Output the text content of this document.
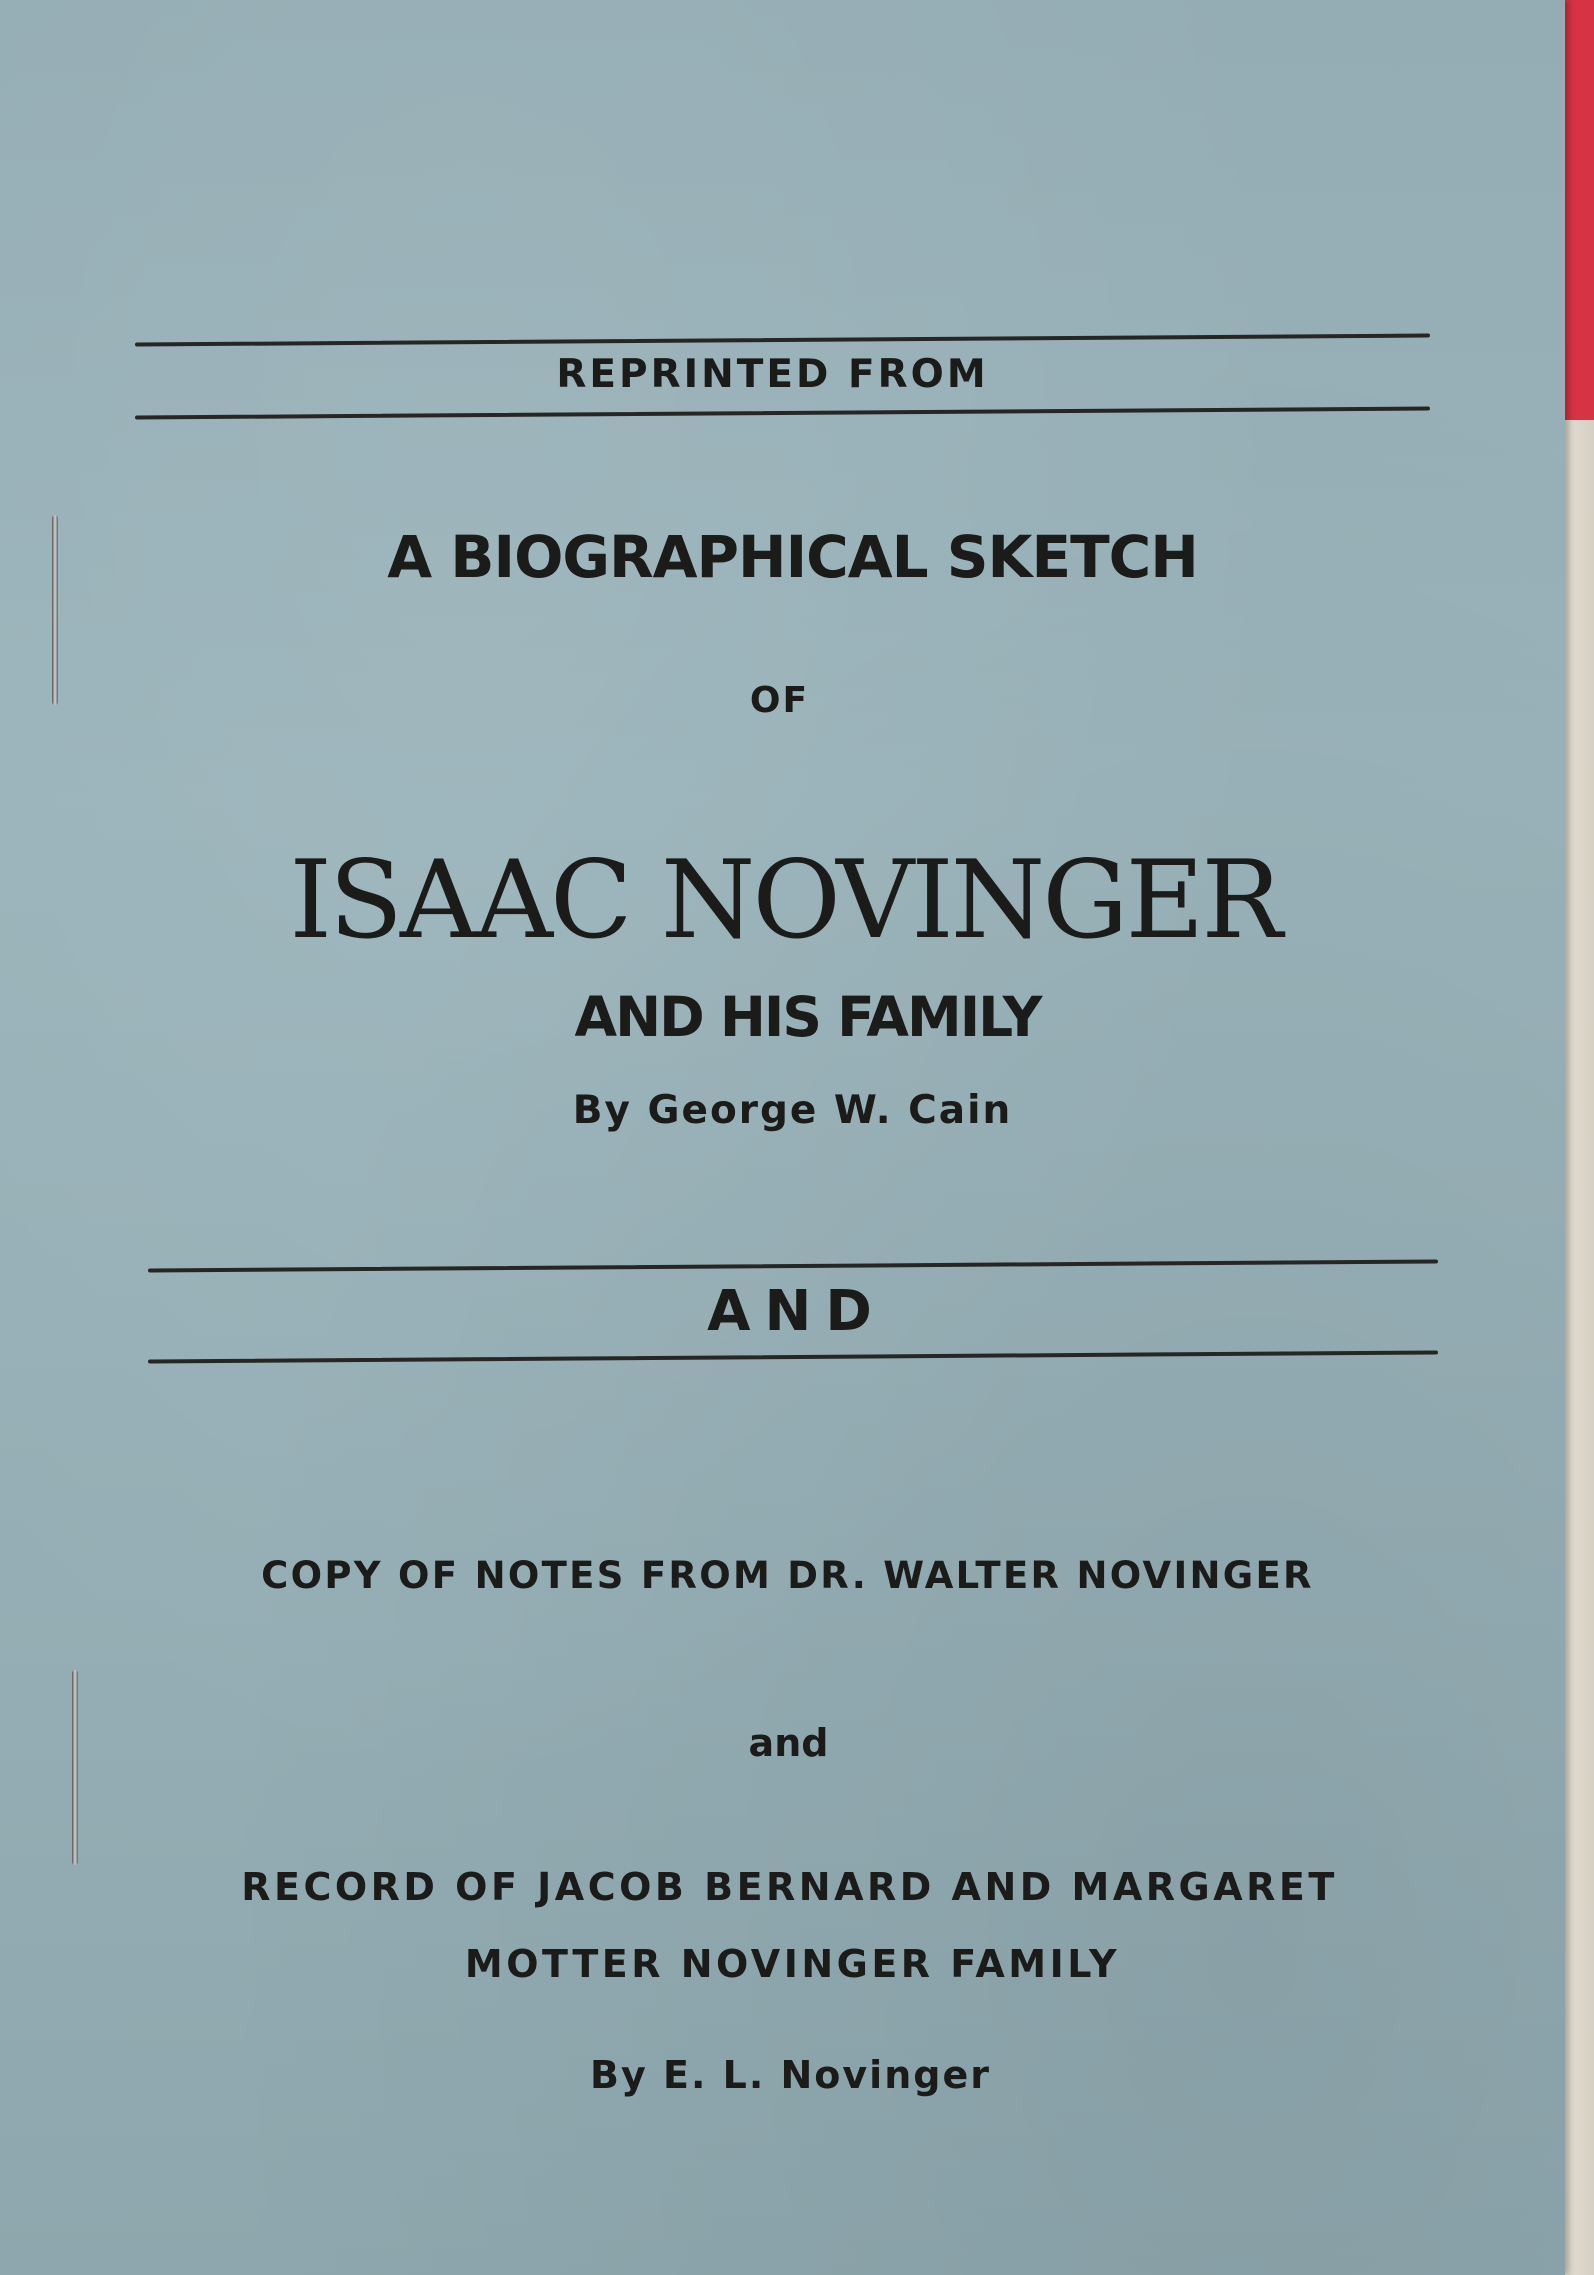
REPRINTED FROM
A BIOGRAPHICAL SKETCH
OF
ISAAC NOVINGER
AND HIS FAMILY
By George W. Cain
AND
COPY OF NOTES FROM DR. WALTER NOVINGER
and
RECORD OF JACOB BERNARD AND MARGARET
MOTTER NOVINGER FAMILY
By E. L. Novinger
